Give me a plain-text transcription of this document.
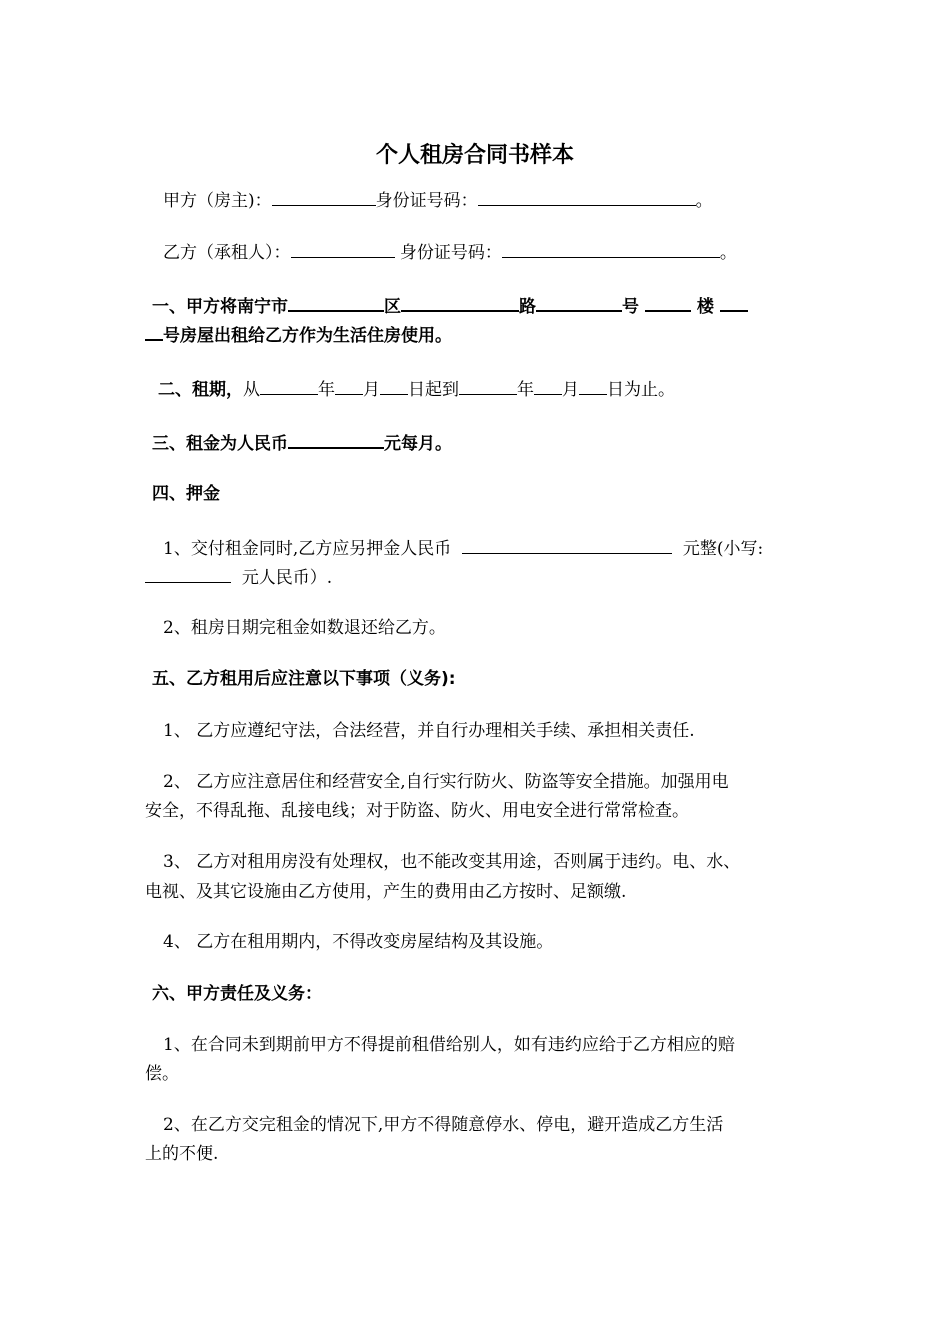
个人租房合同书样本
甲方（房主)：	身份证号码：	。
乙方（承租人）：	身份证号码：	。
一、甲方将南宁市	区	路	号	楼
号房屋出租给乙方作为生活住房使用。
二、租期，从	年 月 日起到	年 月 日为止。
三、租金为人民币	元每月。
四、押金
1、交付租金同时,乙方应另押金人民币	元整(小写:
元人民币）.
2、租房日期完租金如数退还给乙方。
五、乙方租用后应注意以下事项（义务):
1、 乙方应遵纪守法，合法经营，并自行办理相关手续、承担相关责任.
2、 乙方应注意居住和经营安全,自行实行防火、防盗等安全措施。加强用电
安全，不得乱拖、乱接电线；对于防盗、防火、用电安全进行常常检查。
3、 乙方对租用房没有处理权，也不能改变其用途，否则属于违约。电、水、
电视、及其它设施由乙方使用，产生的费用由乙方按时、足额缴.
4、 乙方在租用期内，不得改变房屋结构及其设施。
六、甲方责任及义务：
1、在合同未到期前甲方不得提前租借给别人，如有违约应给于乙方相应的赔
偿。
2、在乙方交完租金的情况下,甲方不得随意停水、停电，避开造成乙方生活
上的不便.
